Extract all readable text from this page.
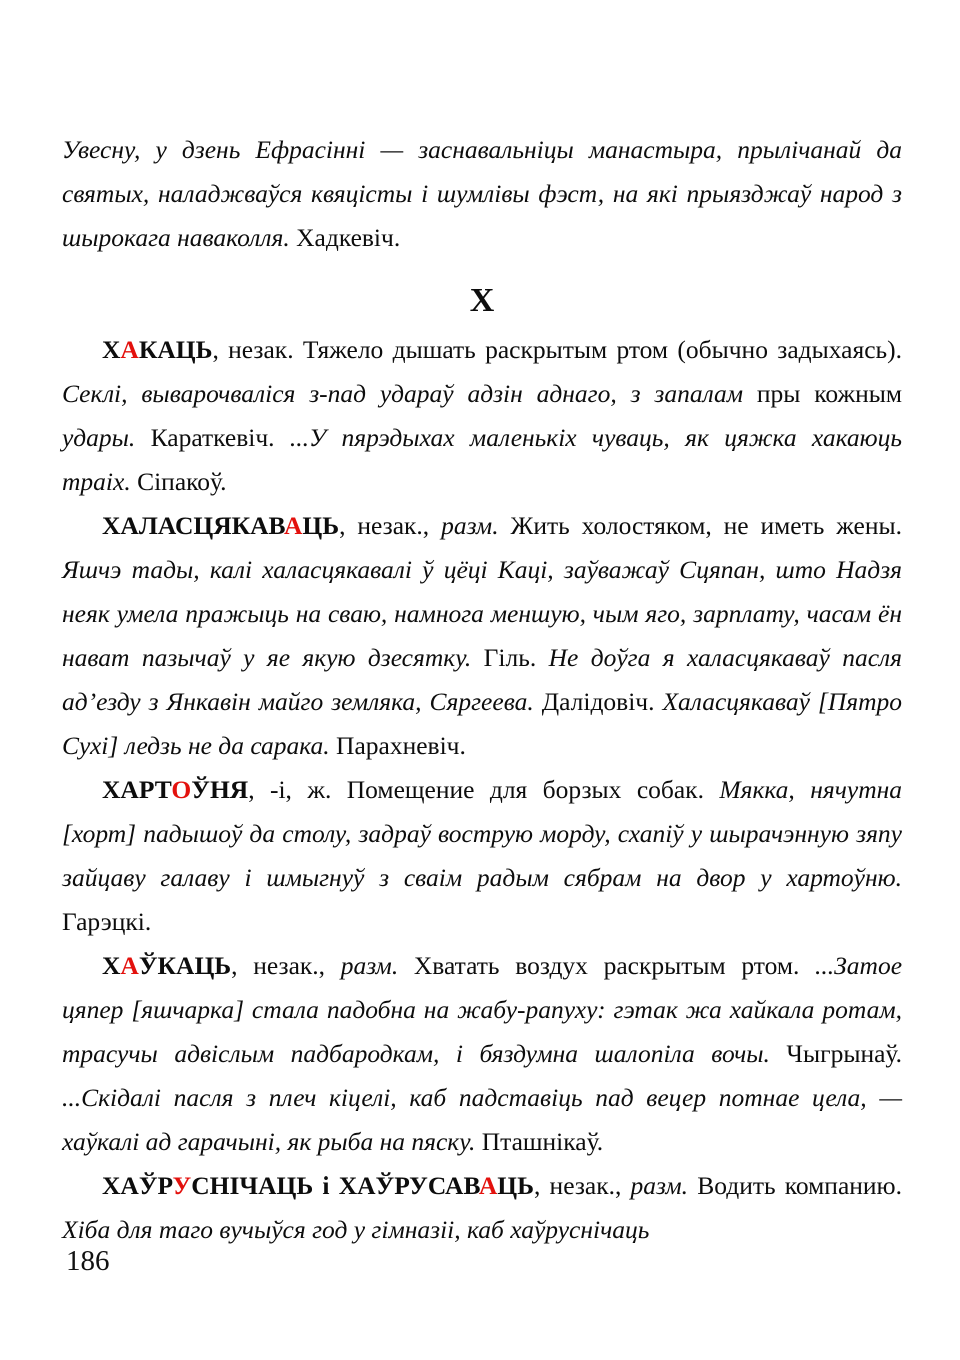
Увесну, у дзень Ефрасінні — заснавальніцы манастыра, прылічанай да святых, наладжваўся квяцісты і шумлівы фэст, на які прыязджаў народ з шырокага наваколля. Хадкевіч.

Х

ХАКАЦЬ, незак. Тяжело дышать раскрытым ртом (обычно задыхаясь). Секлі, выварочваліся з-пад удараў адзін аднаго, з запалам пры кожным удары. Караткевіч. ...У пярэдыхах маленькіх чуваць, як цяжка хакаюць траіх. Сіпакоў.

ХАЛАСЦЯКАВАЦЬ, незак., разм. Жить холостяком, не иметь жены. Яшчэ тады, калі халасцякавалі ў цёці Каці, заўважаў Сцяпан, што Надзя неяк умела пражыць на сваю, намнога меншую, чым яго, зарплату, часам ён нават пазычаў у яе якую дзесятку. Гіль. Не доўга я халасцякаваў пасля ад’езду з Янкавін майго земляка, Сяргеева. Далідовіч. Халасцякаваў [Пятро Сухі] ледзь не да сарака. Парахневіч.

ХАРТОЎНЯ, -і, ж. Помещение для борзых собак. Мякка, нячутна [хорт] падышоў да столу, задраў вострую морду, схапіў у шырачэнную зяпу зайцаву галаву і шмыгнуў з сваім радым сябрам на двор у хартоўню. Гарэцкі.

ХАЎКАЦЬ, незак., разм. Хватать воздух раскрытым ртом. ...Затое цяпер [яшчарка] стала падобна на жабу-рапуху: гэтак жа хайкала ротам, трасучы адвіслым падбародкам, і бяздумна шалопіла вочы. Чыгрынаў. ...Скідалі пасля з плеч кіцелі, каб падставіць пад вецер потнае цела, — хаўкалі ад гарачыні, як рыба на пяску. Пташнікаў.

ХАЎРУСНІЧАЦЬ і ХАЎРУСАВАЦЬ, незак., разм. Водить компанию. Хіба для таго вучыўся год у гімназіі, каб хаўруснічаць

186
